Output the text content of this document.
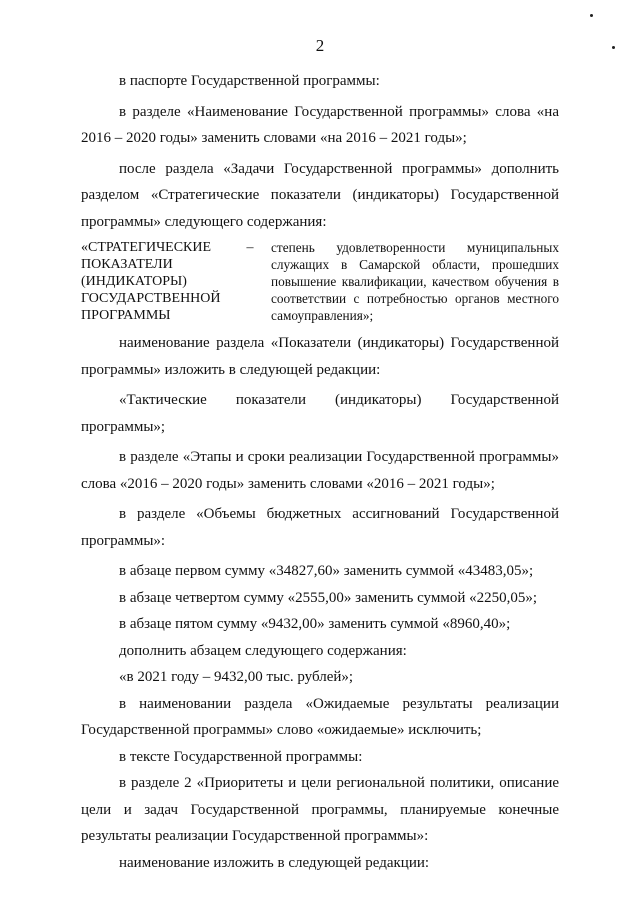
2

в паспорте Государственной программы:

в разделе «Наименование Государственной программы» слова «на 2016 – 2020 годы» заменить словами «на 2016 – 2021 годы»;

после раздела «Задачи Государственной программы» дополнить разделом «Стратегические показатели (индикаторы) Государственной программы» следующего содержания:

«СТРАТЕГИЧЕСКИЕ
ПОКАЗАТЕЛИ
(ИНДИКАТОРЫ)
ГОСУДАРСТВЕННОЙ
ПРОГРАММЫ
–	степень удовлетворенности муниципальных служащих в Самарской области, прошедших повышение квалификации, качеством обучения в соответствии с потребностью органов местного самоуправления»;

наименование раздела «Показатели (индикаторы) Государственной программы» изложить в следующей редакции:

«Тактические показатели (индикаторы) Государственной программы»;

в разделе «Этапы и сроки реализации Государственной программы» слова «2016 – 2020 годы» заменить словами «2016 – 2021 годы»;

в разделе «Объемы бюджетных ассигнований Государственной программы»:

в абзаце первом сумму «34827,60» заменить суммой «43483,05»;

в абзаце четвертом сумму «2555,00» заменить суммой «2250,05»;

в абзаце пятом сумму «9432,00» заменить суммой «8960,40»;

дополнить абзацем следующего содержания:

«в 2021 году – 9432,00 тыс. рублей»;

в наименовании раздела «Ожидаемые результаты реализации Государственной программы» слово «ожидаемые» исключить;

в тексте Государственной программы:

в разделе 2 «Приоритеты и цели региональной политики, описание цели и задач Государственной программы, планируемые конечные результаты реализации Государственной программы»:

наименование изложить в следующей редакции:
